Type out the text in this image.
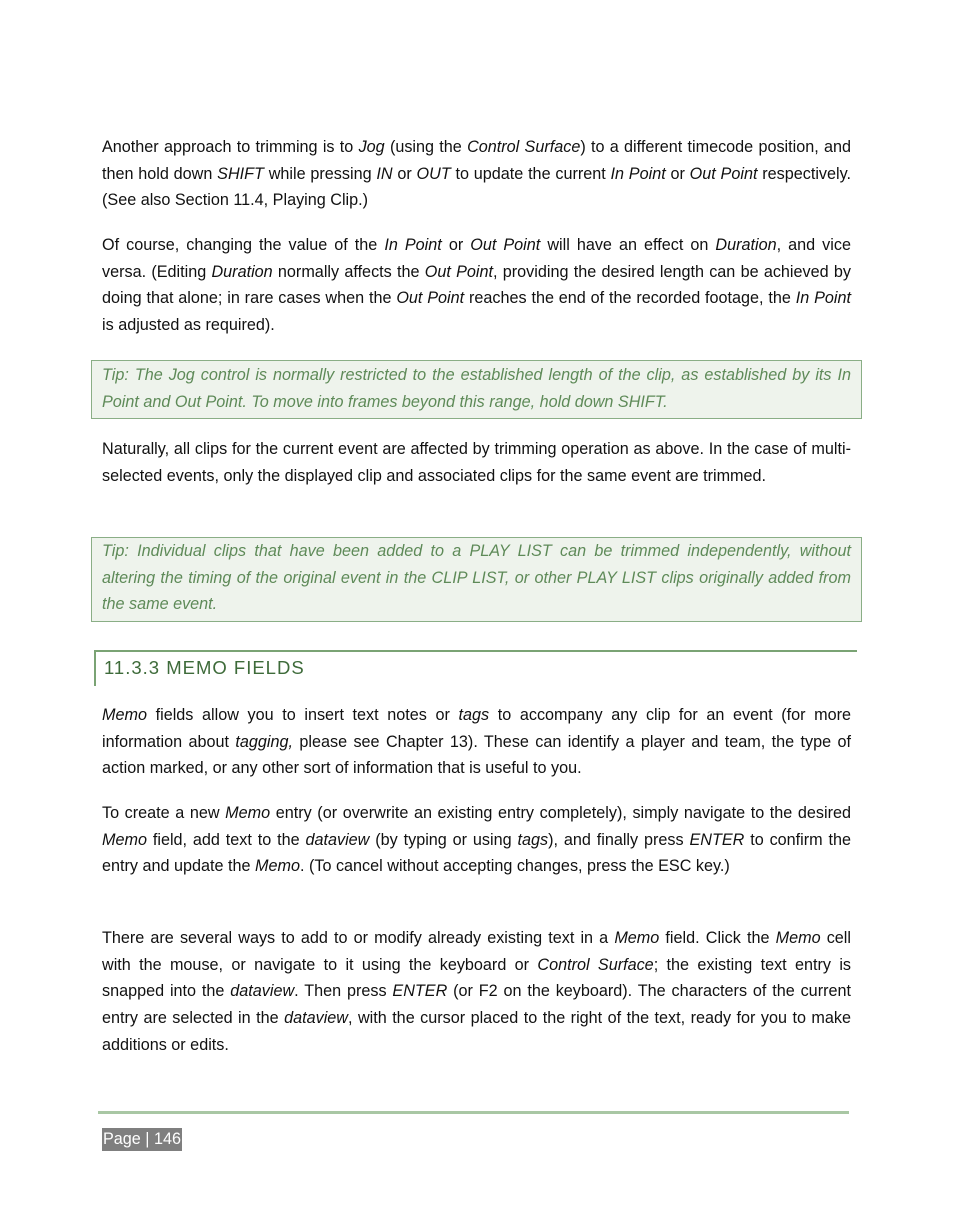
Another approach to trimming is to Jog (using the Control Surface) to a different timecode position, and then hold down SHIFT while pressing IN or OUT to update the current In Point or Out Point respectively. (See also Section 11.4, Playing Clip.)

Of course, changing the value of the In Point or Out Point will have an effect on Duration, and vice versa. (Editing Duration normally affects the Out Point, providing the desired length can be achieved by doing that alone; in rare cases when the Out Point reaches the end of the recorded footage, the In Point is adjusted as required).

Tip: The Jog control is normally restricted to the established length of the clip, as established by its In Point and Out Point. To move into frames beyond this range, hold down SHIFT.

Naturally, all clips for the current event are affected by trimming operation as above. In the case of multi-selected events, only the displayed clip and associated clips for the same event are trimmed.

Tip: Individual clips that have been added to a PLAY LIST can be trimmed independently, without altering the timing of the original event in the CLIP LIST, or other PLAY LIST clips originally added from the same event.

11.3.3 MEMO FIELDS

Memo fields allow you to insert text notes or tags to accompany any clip for an event (for more information about tagging, please see Chapter 13). These can identify a player and team, the type of action marked, or any other sort of information that is useful to you.

To create a new Memo entry (or overwrite an existing entry completely), simply navigate to the desired Memo field, add text to the dataview (by typing or using tags), and finally press ENTER to confirm the entry and update the Memo. (To cancel without accepting changes, press the ESC key.)

There are several ways to add to or modify already existing text in a Memo field. Click the Memo cell with the mouse, or navigate to it using the keyboard or Control Surface; the existing text entry is snapped into the dataview. Then press ENTER (or F2 on the keyboard). The characters of the current entry are selected in the dataview, with the cursor placed to the right of the text, ready for you to make additions or edits.

Page | 146
